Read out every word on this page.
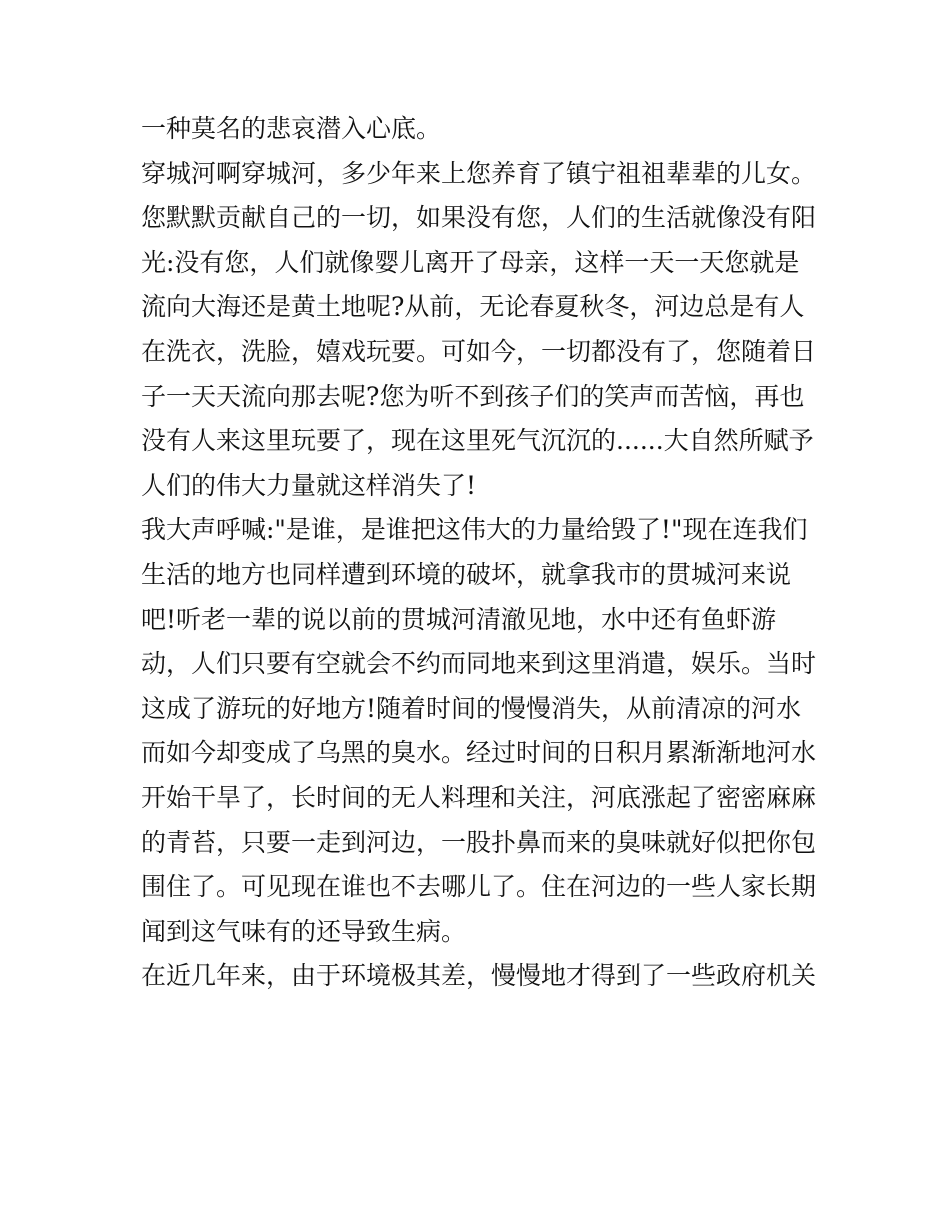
一种莫名的悲哀潜入心底。
穿城河啊穿城河，多少年来上您养育了镇宁祖祖辈辈的儿女。
您默默贡献自己的一切，如果没有您，人们的生活就像没有阳
光:没有您，人们就像婴儿离开了母亲，这样一天一天您就是
流向大海还是黄土地呢?从前，无论春夏秋冬，河边总是有人
在洗衣，洗脸，嬉戏玩要。可如今，一切都没有了，您随着日
子一天天流向那去呢?您为听不到孩子们的笑声而苦恼，再也
没有人来这里玩要了，现在这里死气沉沉的......大自然所赋予
人们的伟大力量就这样消失了!
我大声呼喊:"是谁，是谁把这伟大的力量给毁了!"现在连我们
生活的地方也同样遭到环境的破坏，就拿我市的贯城河来说
吧!听老一辈的说以前的贯城河清澈见地，水中还有鱼虾游
动，人们只要有空就会不约而同地来到这里消遣，娱乐。当时
这成了游玩的好地方!随着时间的慢慢消失，从前清凉的河水
而如今却变成了乌黑的臭水。经过时间的日积月累渐渐地河水
开始干旱了，长时间的无人料理和关注，河底涨起了密密麻麻
的青苔，只要一走到河边，一股扑鼻而来的臭味就好似把你包
围住了。可见现在谁也不去哪儿了。住在河边的一些人家长期
闻到这气味有的还导致生病。
在近几年来，由于环境极其差，慢慢地才得到了一些政府机关
